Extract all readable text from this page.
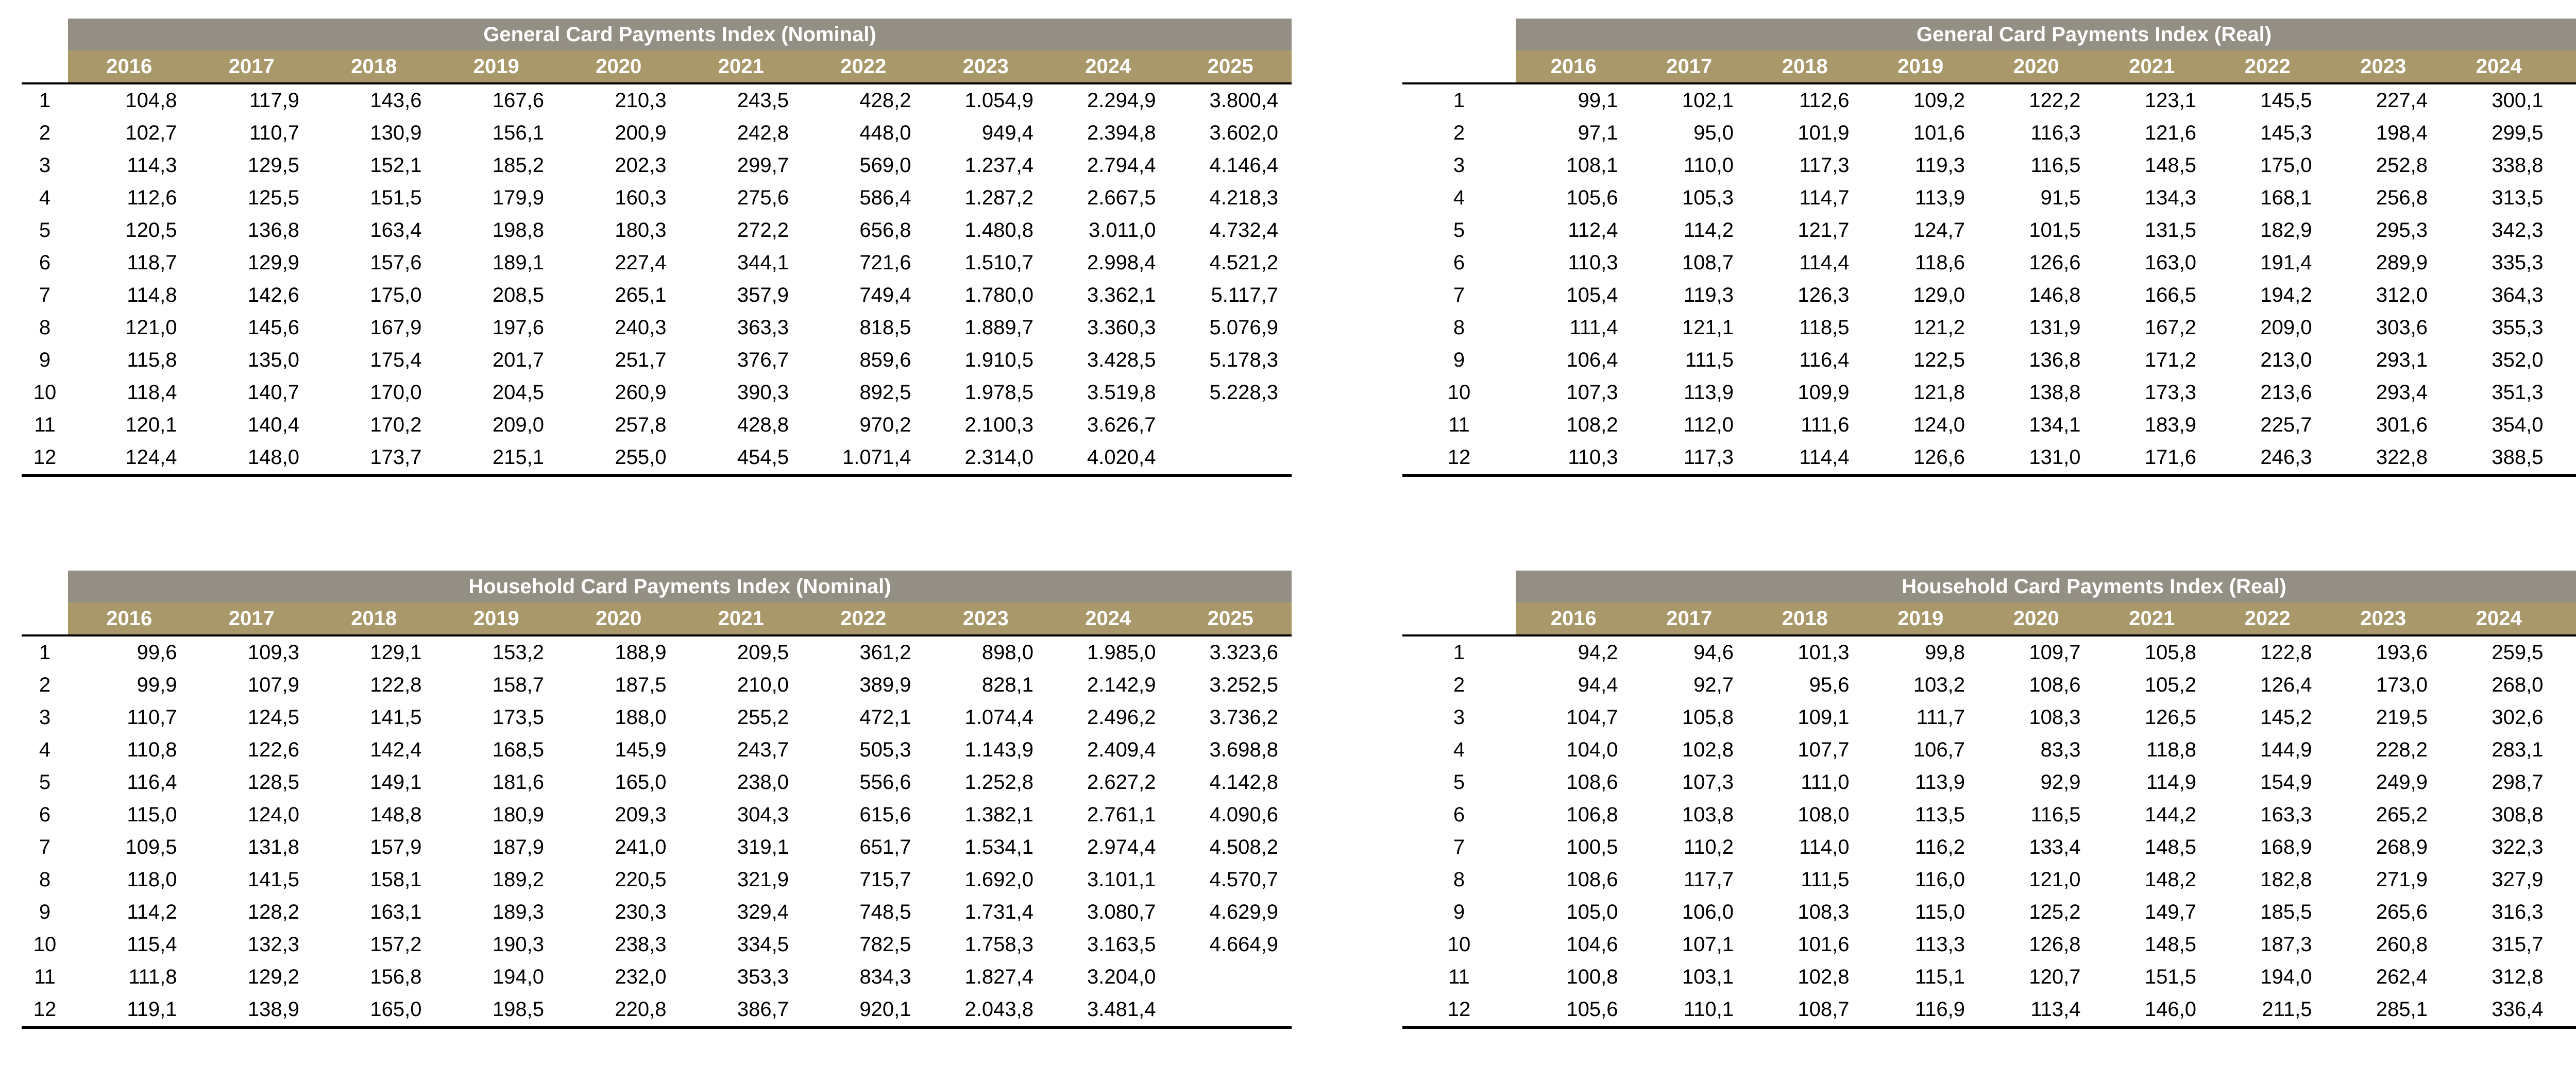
	General Card Payments Index (Nominal)									
	2016	2017	2018	2019	2020	2021	2022	2023	2024	2025
1	104,8	117,9	143,6	167,6	210,3	243,5	428,2	1.054,9	2.294,9	3.800,4
2	102,7	110,7	130,9	156,1	200,9	242,8	448,0	949,4	2.394,8	3.602,0
3	114,3	129,5	152,1	185,2	202,3	299,7	569,0	1.237,4	2.794,4	4.146,4
4	112,6	125,5	151,5	179,9	160,3	275,6	586,4	1.287,2	2.667,5	4.218,3
5	120,5	136,8	163,4	198,8	180,3	272,2	656,8	1.480,8	3.011,0	4.732,4
6	118,7	129,9	157,6	189,1	227,4	344,1	721,6	1.510,7	2.998,4	4.521,2
7	114,8	142,6	175,0	208,5	265,1	357,9	749,4	1.780,0	3.362,1	5.117,7
8	121,0	145,6	167,9	197,6	240,3	363,3	818,5	1.889,7	3.360,3	5.076,9
9	115,8	135,0	175,4	201,7	251,7	376,7	859,6	1.910,5	3.428,5	5.178,3
10	118,4	140,7	170,0	204,5	260,9	390,3	892,5	1.978,5	3.519,8	5.228,3
11	120,1	140,4	170,2	209,0	257,8	428,8	970,2	2.100,3	3.626,7	
12	124,4	148,0	173,7	215,1	255,0	454,5	1.071,4	2.314,0	4.020,4	
	General Card Payments Index (Real)									
	2016	2017	2018	2019	2020	2021	2022	2023	2024	
1	99,1	102,1	112,6	109,2	122,2	123,1	145,5	227,4	300,1	
2	97,1	95,0	101,9	101,6	116,3	121,6	145,3	198,4	299,5	
3	108,1	110,0	117,3	119,3	116,5	148,5	175,0	252,8	338,8	
4	105,6	105,3	114,7	113,9	91,5	134,3	168,1	256,8	313,5	
5	112,4	114,2	121,7	124,7	101,5	131,5	182,9	295,3	342,3	
6	110,3	108,7	114,4	118,6	126,6	163,0	191,4	289,9	335,3	
7	105,4	119,3	126,3	129,0	146,8	166,5	194,2	312,0	364,3	
8	111,4	121,1	118,5	121,2	131,9	167,2	209,0	303,6	355,3	
9	106,4	111,5	116,4	122,5	136,8	171,2	213,0	293,1	352,0	
10	107,3	113,9	109,9	121,8	138,8	173,3	213,6	293,4	351,3	
11	108,2	112,0	111,6	124,0	134,1	183,9	225,7	301,6	354,0	
12	110,3	117,3	114,4	126,6	131,0	171,6	246,3	322,8	388,5	
	Household Card Payments Index (Nominal)									
	2016	2017	2018	2019	2020	2021	2022	2023	2024	2025
1	99,6	109,3	129,1	153,2	188,9	209,5	361,2	898,0	1.985,0	3.323,6
2	99,9	107,9	122,8	158,7	187,5	210,0	389,9	828,1	2.142,9	3.252,5
3	110,7	124,5	141,5	173,5	188,0	255,2	472,1	1.074,4	2.496,2	3.736,2
4	110,8	122,6	142,4	168,5	145,9	243,7	505,3	1.143,9	2.409,4	3.698,8
5	116,4	128,5	149,1	181,6	165,0	238,0	556,6	1.252,8	2.627,2	4.142,8
6	115,0	124,0	148,8	180,9	209,3	304,3	615,6	1.382,1	2.761,1	4.090,6
7	109,5	131,8	157,9	187,9	241,0	319,1	651,7	1.534,1	2.974,4	4.508,2
8	118,0	141,5	158,1	189,2	220,5	321,9	715,7	1.692,0	3.101,1	4.570,7
9	114,2	128,2	163,1	189,3	230,3	329,4	748,5	1.731,4	3.080,7	4.629,9
10	115,4	132,3	157,2	190,3	238,3	334,5	782,5	1.758,3	3.163,5	4.664,9
11	111,8	129,2	156,8	194,0	232,0	353,3	834,3	1.827,4	3.204,0	
12	119,1	138,9	165,0	198,5	220,8	386,7	920,1	2.043,8	3.481,4	
	Household Card Payments Index (Real)									
	2016	2017	2018	2019	2020	2021	2022	2023	2024	
1	94,2	94,6	101,3	99,8	109,7	105,8	122,8	193,6	259,5	
2	94,4	92,7	95,6	103,2	108,6	105,2	126,4	173,0	268,0	
3	104,7	105,8	109,1	111,7	108,3	126,5	145,2	219,5	302,6	
4	104,0	102,8	107,7	106,7	83,3	118,8	144,9	228,2	283,1	
5	108,6	107,3	111,0	113,9	92,9	114,9	154,9	249,9	298,7	
6	106,8	103,8	108,0	113,5	116,5	144,2	163,3	265,2	308,8	
7	100,5	110,2	114,0	116,2	133,4	148,5	168,9	268,9	322,3	
8	108,6	117,7	111,5	116,0	121,0	148,2	182,8	271,9	327,9	
9	105,0	106,0	108,3	115,0	125,2	149,7	185,5	265,6	316,3	
10	104,6	107,1	101,6	113,3	126,8	148,5	187,3	260,8	315,7	
11	100,8	103,1	102,8	115,1	120,7	151,5	194,0	262,4	312,8	
12	105,6	110,1	108,7	116,9	113,4	146,0	211,5	285,1	336,4	
